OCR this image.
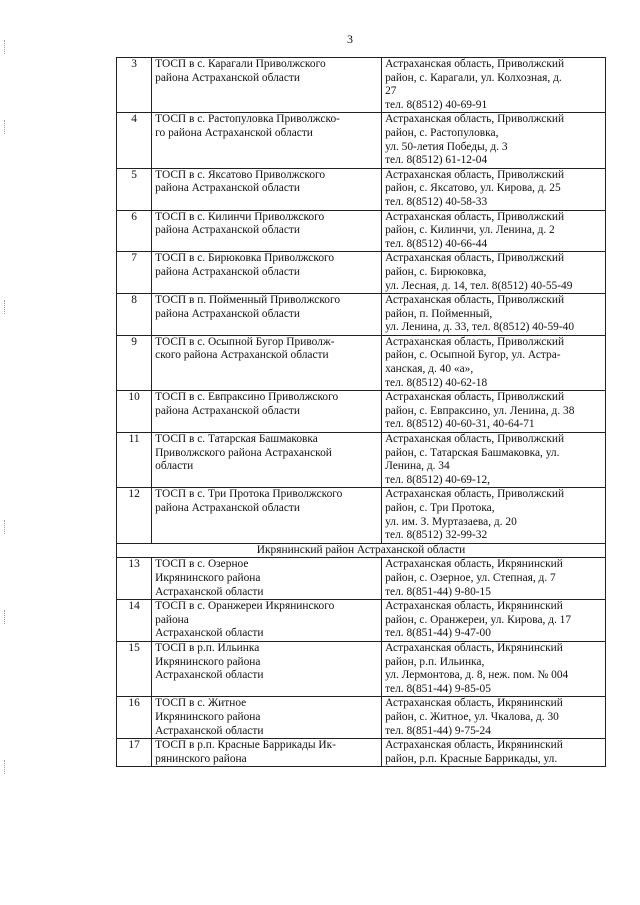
3
3	ТОСП в с. Карагали Приволжского
района Астраханской области	Астраханская область, Приволжский
район, с. Карагали, ул. Колхозная, д.
27
тел. 8(8512) 40-69-91

4	ТОСП в с. Растопуловка Приволжско-
го района Астраханской области	Астраханская область, Приволжский
район, с. Растопуловка,
ул. 50-летия Победы, д. 3
тел. 8(8512) 61-12-04

5	ТОСП в с. Яксатово Приволжского
района Астраханской области	Астраханская область, Приволжский
район, с. Яксатово, ул. Кирова, д. 25
тел. 8(8512) 40-58-33

6	ТОСП в с. Килинчи Приволжского
района Астраханской области	Астраханская область, Приволжский
район, с. Килинчи, ул. Ленина, д. 2
тел. 8(8512) 40-66-44

7	ТОСП в с. Бирюковка Приволжского
района Астраханской области	Астраханская область, Приволжский
район, с. Бирюковка,
ул. Лесная, д. 14, тел. 8(8512) 40-55-49

8	ТОСП в п. Пойменный Приволжского
района Астраханской области	Астраханская область, Приволжский
район, п. Пойменный,
ул. Ленина, д. 33, тел. 8(8512) 40-59-40

9	ТОСП в с. Осыпной Бугор Приволж-
ского района Астраханской области	Астраханская область, Приволжский
район, с. Осыпной Бугор, ул. Астра-
ханская, д. 40 «а»,
тел. 8(8512) 40-62-18

10	ТОСП в с. Евпраксино Приволжского
района Астраханской области	Астраханская область, Приволжский
район, с. Евпраксино, ул. Ленина, д. 38
тел. 8(8512) 40-60-31, 40-64-71

11	ТОСП в с. Татарская Башмаковка
Приволжского района Астраханской
области	Астраханская область, Приволжский
район, с. Татарская Башмаковка, ул.
Ленина, д. 34
тел. 8(8512) 40-69-12,

12	ТОСП в с. Три Протока Приволжского
района Астраханской области	Астраханская область, Приволжский
район, с. Три Протока,
ул. им. З. Муртазаева, д. 20
тел. 8(8512) 32-99-32

Икрянинский район Астраханской области		
13	ТОСП в с. Озерное
Икрянинского района
Астраханской области	Астраханская область, Икрянинский
район, с. Озерное, ул. Степная, д. 7
тел. 8(851-44) 9-80-15

14	ТОСП в с. Оранжереи Икрянинского
района
Астраханской области	Астраханская область, Икрянинский
район, с. Оранжереи, ул. Кирова, д. 17
тел. 8(851-44) 9-47-00

15	ТОСП в р.п. Ильинка
Икрянинского района
Астраханской области	Астраханская область, Икрянинский
район, р.п. Ильинка,
ул. Лермонтова, д. 8, неж. пом. № 004
тел. 8(851-44) 9-85-05

16	ТОСП в с. Житное
Икрянинского района
Астраханской области	Астраханская область, Икрянинский
район, с. Житное, ул. Чкалова, д. 30
тел. 8(851-44) 9-75-24

17	ТОСП в р.п. Красные Баррикады Ик-
рянинского района	Астраханская область, Икрянинский
район, р.п. Красные Баррикады, ул.
